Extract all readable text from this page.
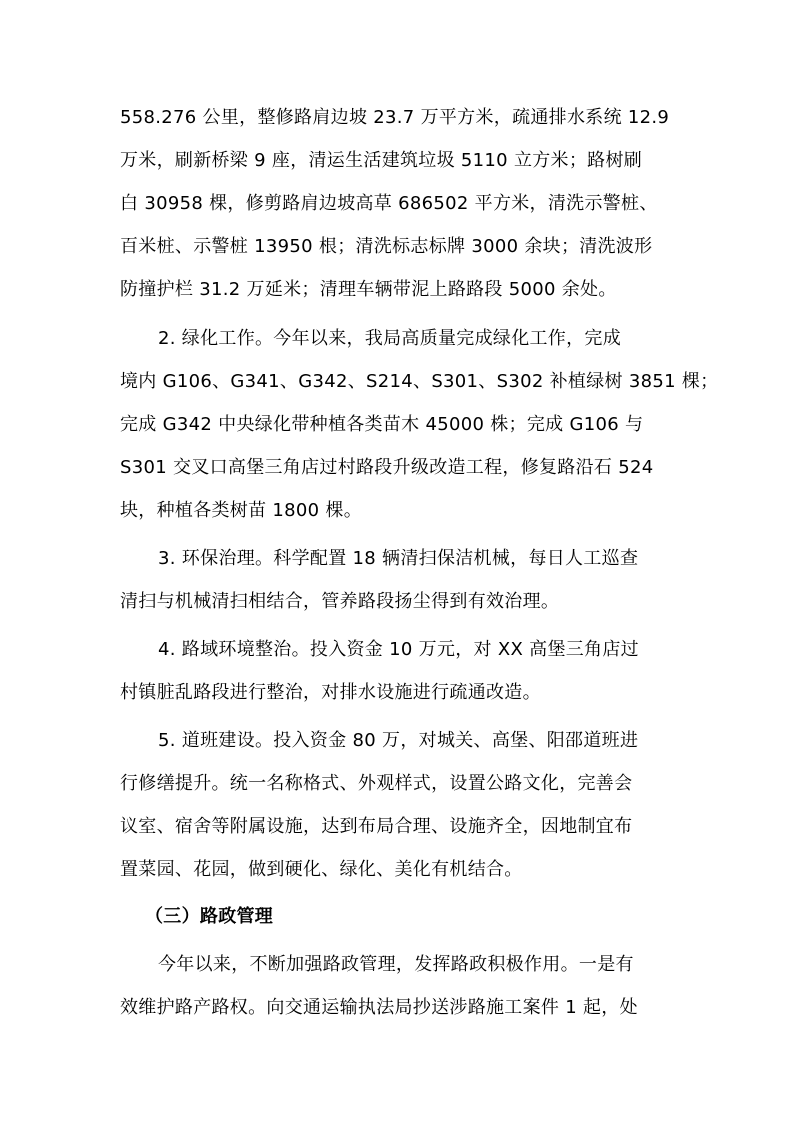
558.276 公里，整修路肩边坡 23.7 万平方米，疏通排水系统 12.9
万米，刷新桥梁 9 座，清运生活建筑垃圾 5110 立方米；路树刷
白 30958 棵，修剪路肩边坡高草 686502 平方米，清洗示警桩、
百米桩、示警桩 13950 根；清洗标志标牌 3000 余块；清洗波形
防撞护栏 31.2 万延米；清理车辆带泥上路路段 5000 余处。
2. 绿化工作。今年以来，我局高质量完成绿化工作，完成
境内 G106、G341、G342、S214、S301、S302 补植绿树 3851 棵；
完成 G342 中央绿化带种植各类苗木 45000 株；完成 G106 与
S301 交叉口高堡三角店过村路段升级改造工程，修复路沿石 524
块，种植各类树苗 1800 棵。
3. 环保治理。科学配置 18 辆清扫保洁机械，每日人工巡查
清扫与机械清扫相结合，管养路段扬尘得到有效治理。
4. 路域环境整治。投入资金 10 万元，对 XX 高堡三角店过
村镇脏乱路段进行整治，对排水设施进行疏通改造。
5. 道班建设。投入资金 80 万，对城关、高堡、阳邵道班进
行修缮提升。统一名称格式、外观样式，设置公路文化，完善会
议室、宿舍等附属设施，达到布局合理、设施齐全，因地制宜布
置菜园、花园，做到硬化、绿化、美化有机结合。
（三）路政管理
今年以来，不断加强路政管理，发挥路政积极作用。一是有
效维护路产路权。向交通运输执法局抄送涉路施工案件 1 起，处
